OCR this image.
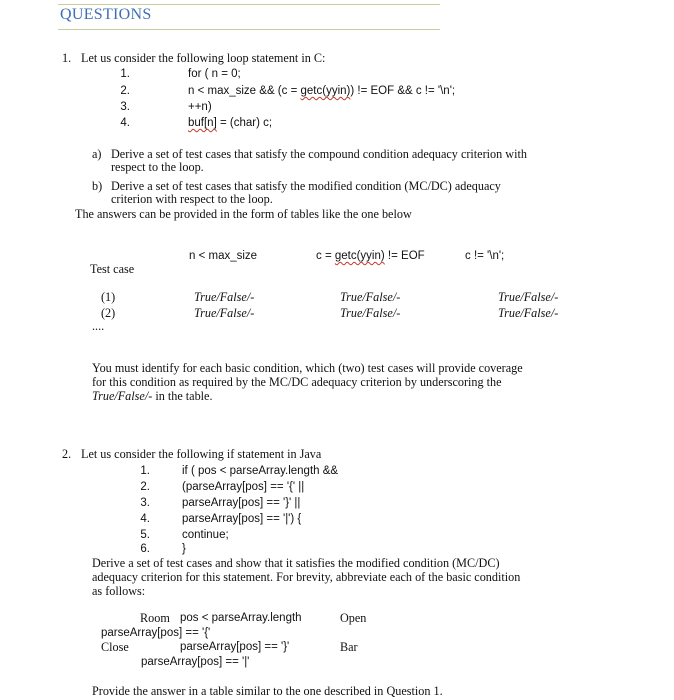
QUESTIONS
1. Let us consider the following loop statement in C:
1.	for ( n = 0;
2.	n < max_size && (c = getc(yyin)) != EOF && c != '\n';
3.	++n)
4.	buf[n] = (char) c;
a) Derive a set of test cases that satisfy the compound condition adequacy criterion with
respect to the loop.
b) Derive a set of test cases that satisfy the modified condition (MC/DC) adequacy
criterion with respect to the loop.
The answers can be provided in the form of tables like the one below
n < max_size	c = getc(yyin) != EOF	c != '\n';
Test case
(1)	True/False/-	True/False/-	True/False/-
(2)	True/False/-	True/False/-	True/False/-
....
You must identify for each basic condition, which (two) test cases will provide coverage
for this condition as required by the MC/DC adequacy criterion by underscoring the
True/False/- in the table.
2. Let us consider the following if statement in Java
1.	if ( pos < parseArray.length &&
2.	(parseArray[pos] == '{' ||
3.	parseArray[pos] == '}' ||
4.	parseArray[pos] == '|') {
5.	continue;
6.	}
Derive a set of test cases and show that it satisfies the modified condition (MC/DC)
adequacy criterion for this statement. For brevity, abbreviate each of the basic condition
as follows:
Room pos < parseArray.length	Open
parseArray[pos] == '{'
Close	parseArray[pos] == '}'	Bar
parseArray[pos] == '|'
Provide the answer in a table similar to the one described in Question 1.
